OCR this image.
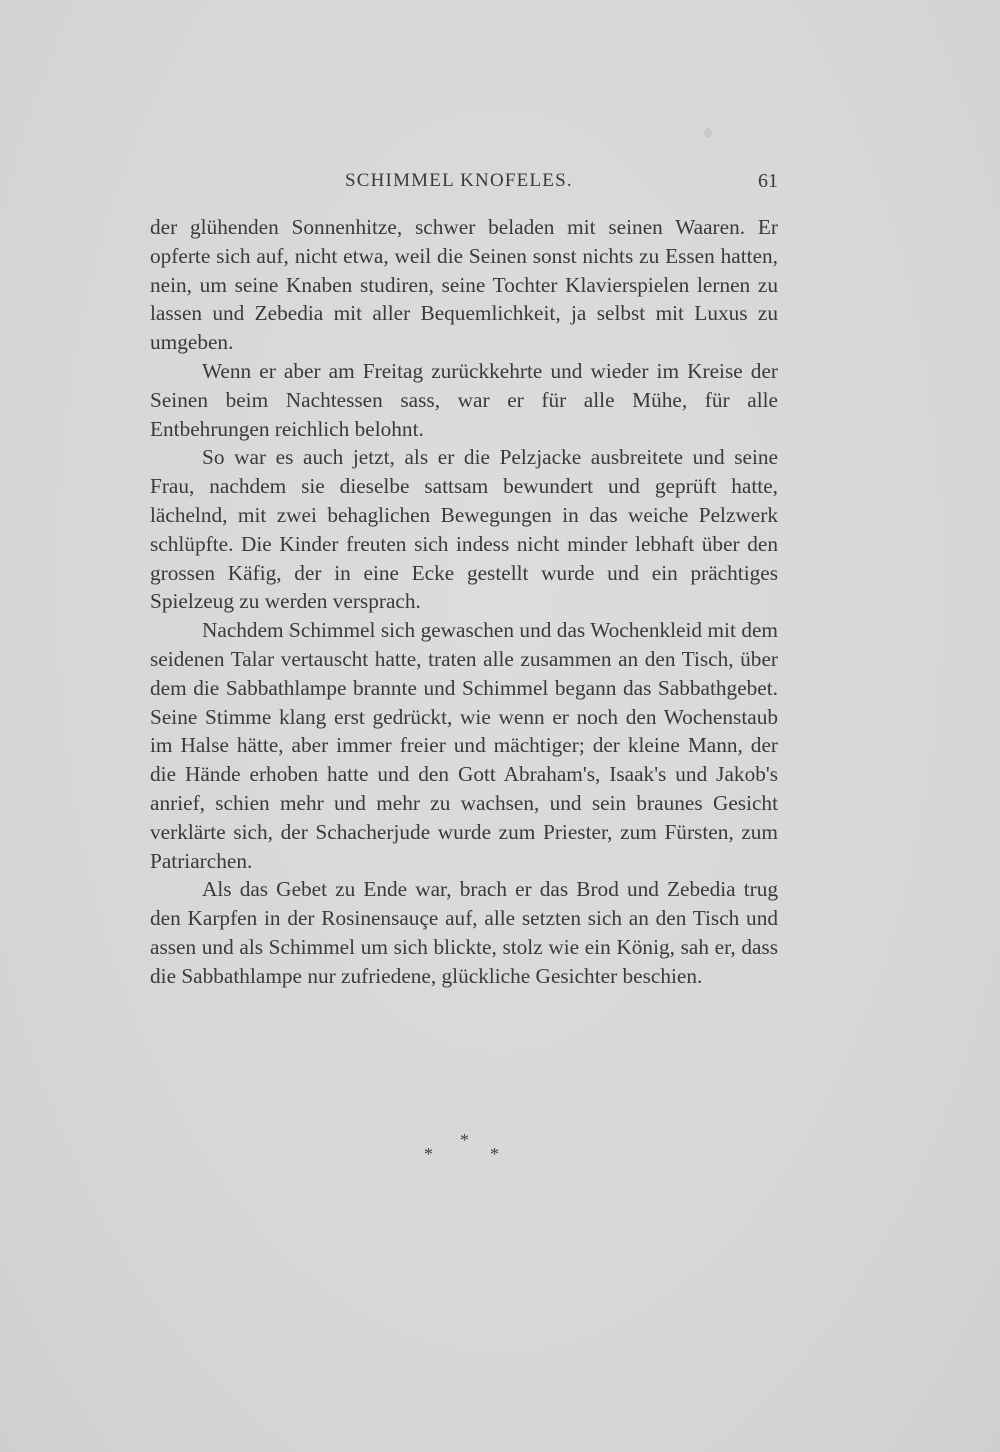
SCHIMMEL KNOFELES.	61

der glühenden Sonnenhitze, schwer beladen mit seinen Waaren. Er opferte sich auf, nicht etwa, weil die Seinen sonst nichts zu Essen hatten, nein, um seine Knaben studiren, seine Tochter Klavierspielen lernen zu lassen und Zebedia mit aller Bequemlichkeit, ja selbst mit Luxus zu umgeben.

Wenn er aber am Freitag zurückkehrte und wieder im Kreise der Seinen beim Nachtessen sass, war er für alle Mühe, für alle Entbehrungen reichlich belohnt.

So war es auch jetzt, als er die Pelzjacke ausbreitete und seine Frau, nachdem sie dieselbe sattsam bewundert und geprüft hatte, lächelnd, mit zwei behaglichen Bewegungen in das weiche Pelzwerk schlüpfte. Die Kinder freuten sich indess nicht minder lebhaft über den grossen Käfig, der in eine Ecke gestellt wurde und ein prächtiges Spielzeug zu werden versprach.

Nachdem Schimmel sich gewaschen und das Wochenkleid mit dem seidenen Talar vertauscht hatte, traten alle zusammen an den Tisch, über dem die Sabbathlampe brannte und Schimmel begann das Sabbathgebet. Seine Stimme klang erst gedrückt, wie wenn er noch den Wochenstaub im Halse hätte, aber immer freier und mächtiger; der kleine Mann, der die Hände erhoben hatte und den Gott Abraham's, Isaak's und Jakob's anrief, schien mehr und mehr zu wachsen, und sein braunes Gesicht verklärte sich, der Schacherjude wurde zum Priester, zum Fürsten, zum Patriarchen.

Als das Gebet zu Ende war, brach er das Brod und Zebedia trug den Karpfen in der Rosinensauçe auf, alle setzten sich an den Tisch und assen und als Schimmel um sich blickte, stolz wie ein König, sah er, dass die Sabbathlampe nur zufriedene, glückliche Gesichter beschien.

*
*	*
